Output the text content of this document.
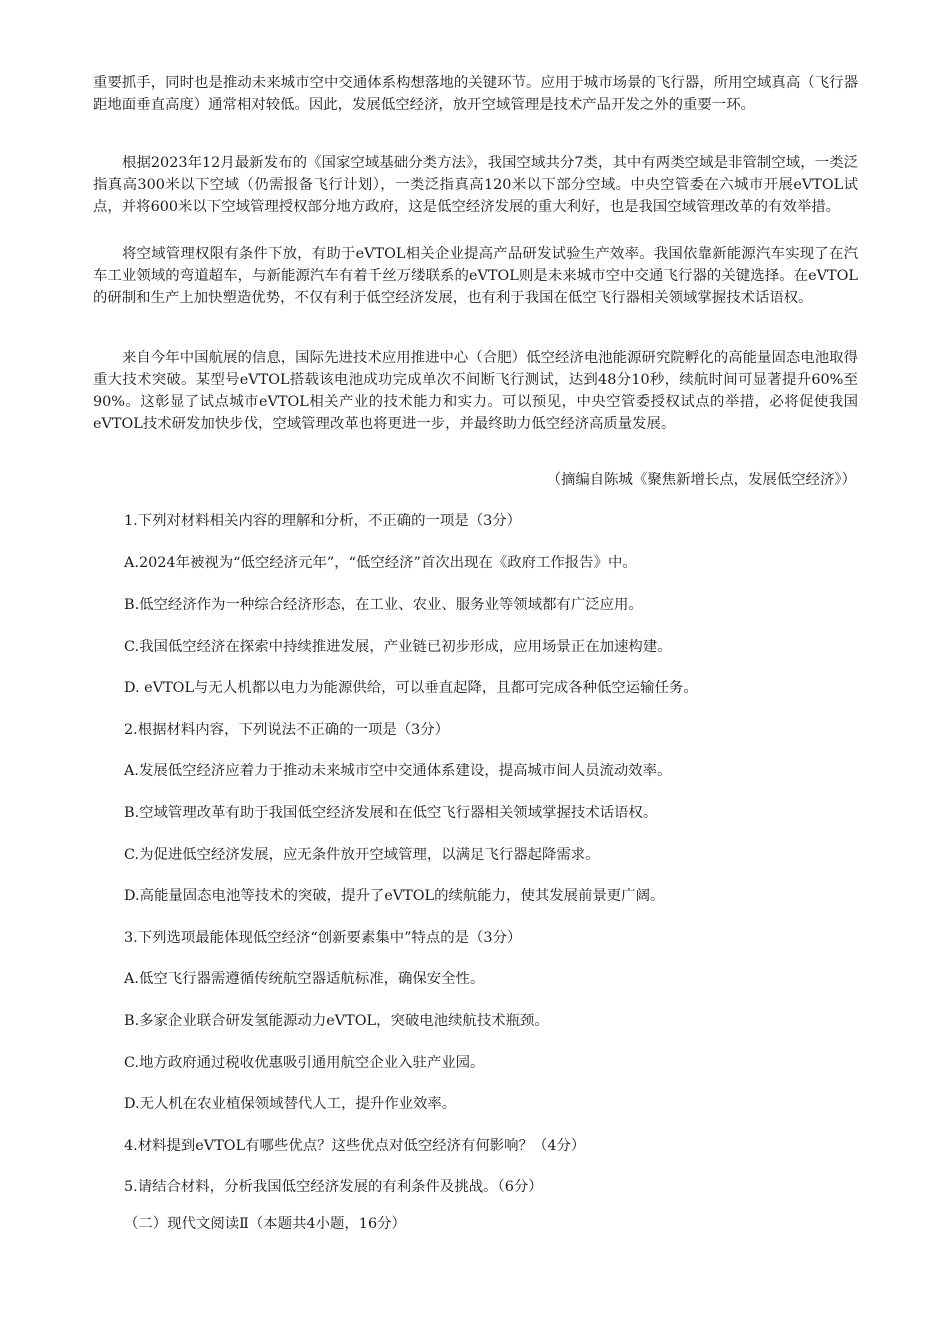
重要抓手，同时也是推动未来城市空中交通体系构想落地的关键环节。应用于城市场景的飞行器，所用空域真高（飞行器距地面垂直高度）通常相对较低。因此，发展低空经济，放开空域管理是技术产品开发之外的重要一环。

根据2023年12月最新发布的《国家空域基础分类方法》，我国空域共分7类，其中有两类空域是非管制空域，一类泛指真高300米以下空域（仍需报备飞行计划），一类泛指真高120米以下部分空域。中央空管委在六城市开展eVTOL试点，并将600米以下空域管理授权部分地方政府，这是低空经济发展的重大利好，也是我国空域管理改革的有效举措。

将空域管理权限有条件下放，有助于eVTOL相关企业提高产品研发试验生产效率。我国依靠新能源汽车实现了在汽车工业领域的弯道超车，与新能源汽车有着千丝万缕联系的eVTOL则是未来城市空中交通飞行器的关键选择。在eVTOL的研制和生产上加快塑造优势，不仅有利于低空经济发展，也有利于我国在低空飞行器相关领域掌握技术话语权。

来自今年中国航展的信息，国际先进技术应用推进中心（合肥）低空经济电池能源研究院孵化的高能量固态电池取得重大技术突破。某型号eVTOL搭载该电池成功完成单次不间断飞行测试，达到48分10秒，续航时间可显著提升60%至90%。这彰显了试点城市eVTOL相关产业的技术能力和实力。可以预见，中央空管委授权试点的举措，必将促使我国eVTOL技术研发加快步伐，空域管理改革也将更进一步，并最终助力低空经济高质量发展。

（摘编自陈城《聚焦新增长点，发展低空经济》）

1.下列对材料相关内容的理解和分析，不正确的一项是（3分）

A.2024年被视为“低空经济元年”，“低空经济”首次出现在《政府工作报告》中。

B.低空经济作为一种综合经济形态，在工业、农业、服务业等领域都有广泛应用。

C.我国低空经济在探索中持续推进发展，产业链已初步形成，应用场景正在加速构建。

D. eVTOL与无人机都以电力为能源供给，可以垂直起降，且都可完成各种低空运输任务。

2.根据材料内容，下列说法不正确的一项是（3分）

A.发展低空经济应着力于推动未来城市空中交通体系建设，提高城市间人员流动效率。

B.空域管理改革有助于我国低空经济发展和在低空飞行器相关领域掌握技术话语权。

C.为促进低空经济发展，应无条件放开空域管理，以满足飞行器起降需求。

D.高能量固态电池等技术的突破，提升了eVTOL的续航能力，使其发展前景更广阔。

3.下列选项最能体现低空经济“创新要素集中”特点的是（3分）

A.低空飞行器需遵循传统航空器适航标准，确保安全性。

B.多家企业联合研发氢能源动力eVTOL，突破电池续航技术瓶颈。

C.地方政府通过税收优惠吸引通用航空企业入驻产业园。

D.无人机在农业植保领域替代人工，提升作业效率。

4.材料提到eVTOL有哪些优点？这些优点对低空经济有何影响？（4分）

5.请结合材料，分析我国低空经济发展的有利条件及挑战。（6分）

（二）现代文阅读Ⅱ（本题共4小题，16分）
